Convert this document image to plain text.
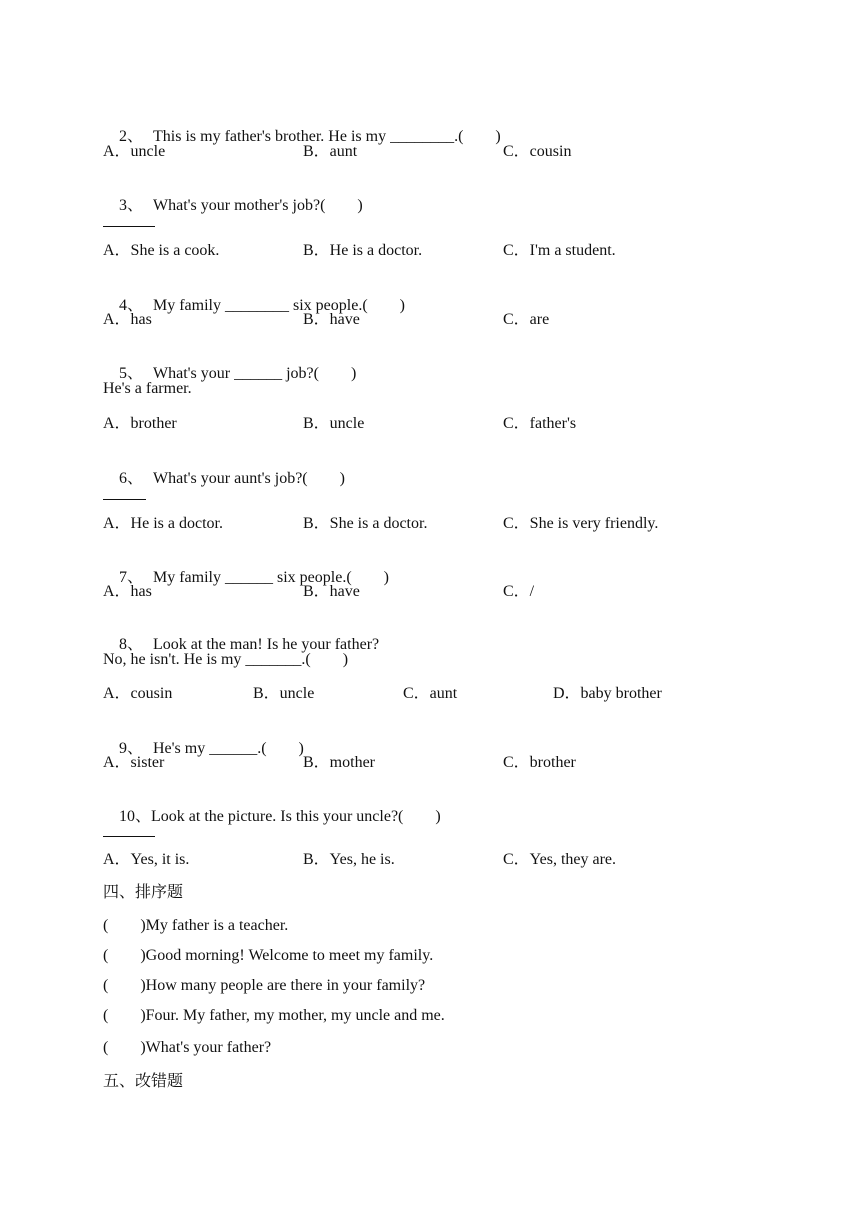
2、 This is my father's brother. He is my ________.(　　)

A．uncle	B．aunt	C．cousin

3、 What's your mother's job?(　　)

A．She is a cook.	B．He is a doctor.	C．I'm a student.

4、 My family ________ six people.(　　)

A．has	B．have	C．are

5、 What's your ______ job?(　　)

He's a farmer.
A．brother	B．uncle	C．father's

6、 What's your aunt's job?(　　)

A．He is a doctor.	B．She is a doctor.	C．She is very friendly.

7、 My family ______ six people.(　　)

A．has	B．have	C．/

8、 Look at the man! Is he your father?

No, he isn't. He is my _______.(　　)
A．cousin	B．uncle	C．aunt	D．baby brother

9、 He's my ______.(　　)

A．sister	B．mother	C．brother

10、Look at the picture. Is this your uncle?(　　)

A．Yes, it is.	B．Yes, he is.	C．Yes, they are.
四、排序题
(　　)My father is a teacher.
(　　)Good morning! Welcome to meet my family.
(　　)How many people are there in your family?
(　　)Four. My father, my mother, my uncle and me.
(　　)What's your father?
五、改错题
